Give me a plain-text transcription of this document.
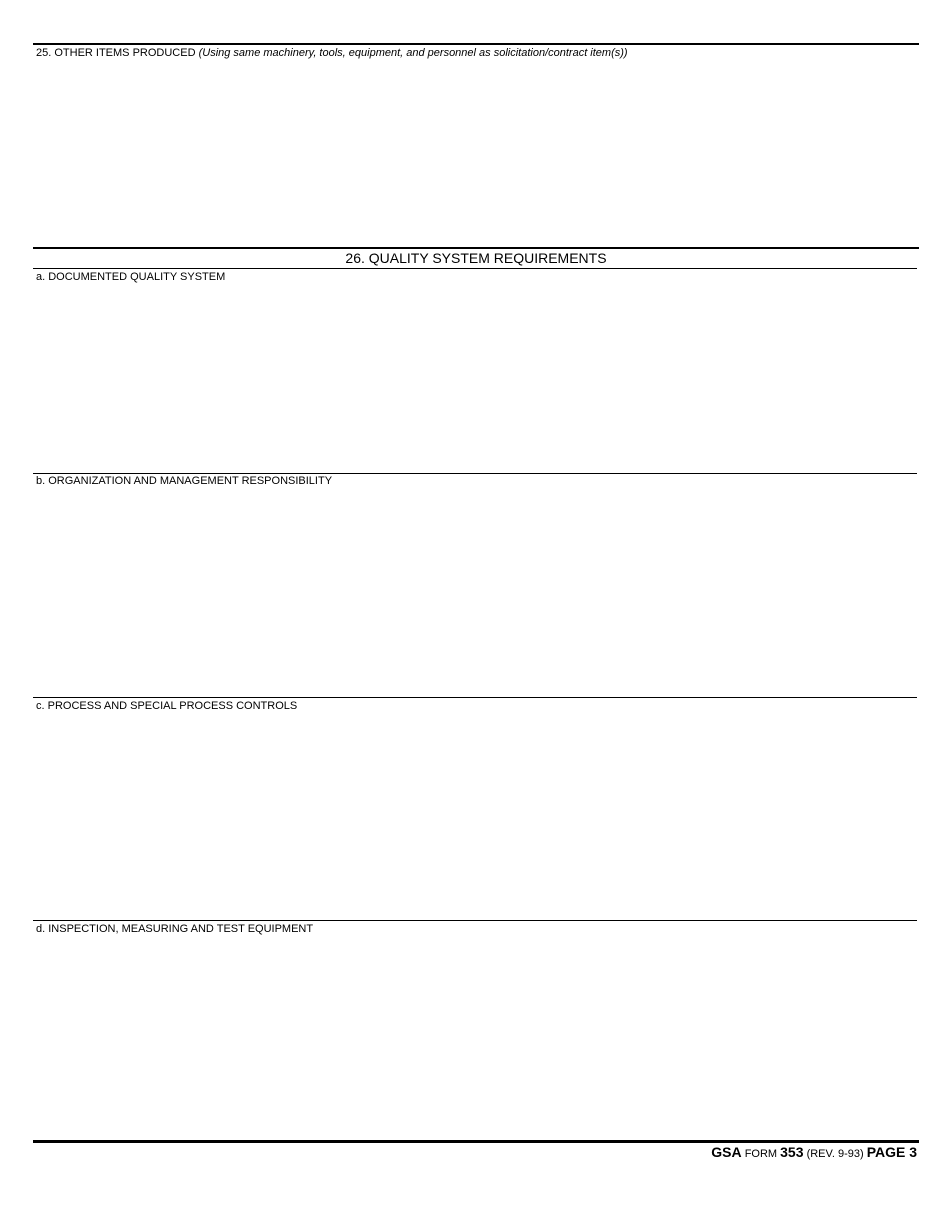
25. OTHER ITEMS PRODUCED (Using same machinery, tools, equipment, and personnel as solicitation/contract item(s))
26. QUALITY SYSTEM REQUIREMENTS
a. DOCUMENTED QUALITY SYSTEM
b. ORGANIZATION AND MANAGEMENT RESPONSIBILITY
c. PROCESS AND SPECIAL PROCESS CONTROLS
d. INSPECTION, MEASURING AND TEST EQUIPMENT
GSA FORM 353 (REV. 9-93) PAGE 3
